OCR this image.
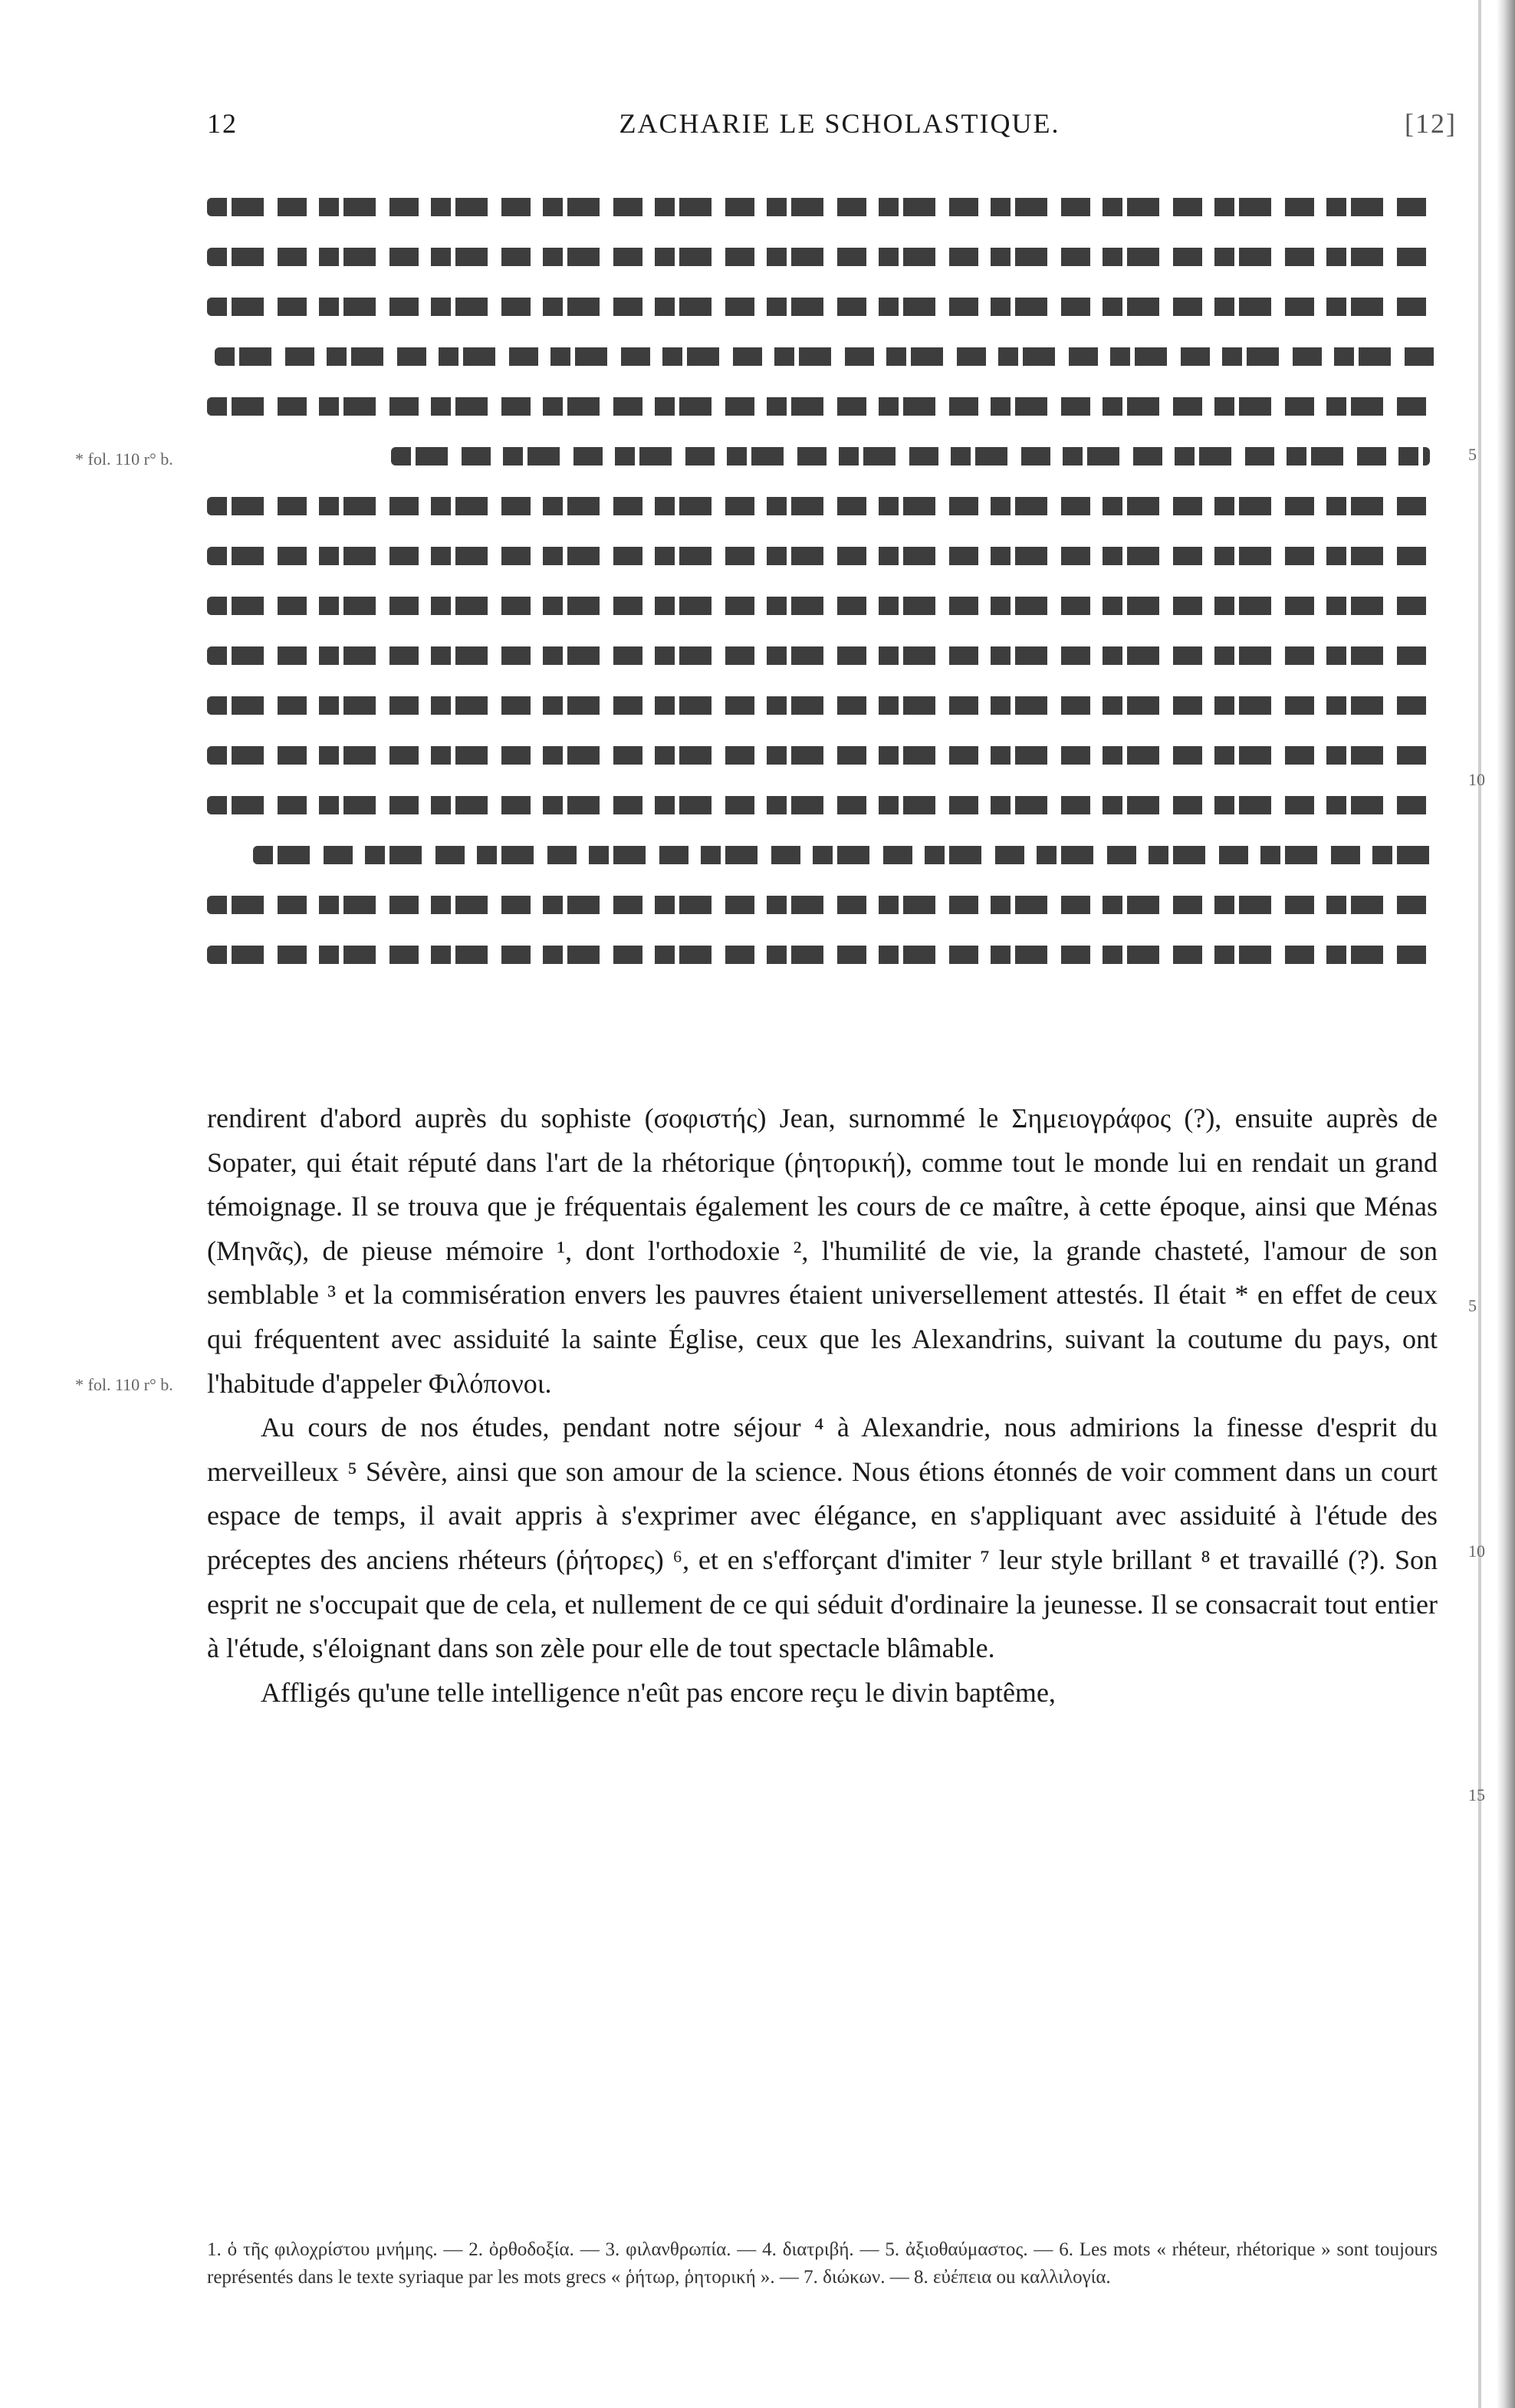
12	ZACHARIE LE SCHOLASTIQUE.	[12]
* fol. 110 r° b.	5
10

rendirent d'abord auprès du sophiste (σοφιστής) Jean, surnommé le Σημειογράφος (?), ensuite auprès de Sopater, qui était réputé dans l'art de la rhétorique (ῥητορική), comme tout le monde lui en rendait un grand témoignage. Il se trouva que je fréquentais également les cours de ce maître, à cette époque, ainsi que Ménas (Μηνᾶς), de pieuse mémoire ¹, dont l'orthodoxie ², l'humilité de vie, la grande chasteté, l'amour de son semblable ³ et la commisération envers les pauvres étaient universellement attestés. Il était * en effet de ceux qui fréquentent avec assiduité la sainte Église, ceux que les Alexandrins, suivant la coutume du pays, ont l'habitude d'appeler Φιλόπονοι.

Au cours de nos études, pendant notre séjour ⁴ à Alexandrie, nous admirions la finesse d'esprit du merveilleux ⁵ Sévère, ainsi que son amour de la science. Nous étions étonnés de voir comment dans un court espace de temps, il avait appris à s'exprimer avec élégance, en s'appliquant avec assiduité à l'étude des préceptes des anciens rhéteurs (ῥήτορες) ⁶, et en s'efforçant d'imiter ⁷ leur style brillant ⁸ et travaillé (?). Son esprit ne s'occupait que de cela, et nullement de ce qui séduit d'ordinaire la jeunesse. Il se consacrait tout entier à l'étude, s'éloignant dans son zèle pour elle de tout spectacle blâmable.

Affligés qu'une telle intelligence n'eût pas encore reçu le divin baptême,

* fol. 110 r° b.
5
10
15
1. ὁ τῆς φιλοχρίστου μνήμης. — 2. ὀρθοδοξία. — 3. φιλανθρωπία. — 4. διατριβή. — 5. ἀξιοθαύμαστος. — 6. Les mots « rhéteur, rhétorique » sont toujours représentés dans le texte syriaque par les mots grecs « ῥήτωρ, ῥητορική ». — 7. διώκων. — 8. εὐέπεια ou καλλιλογία.
